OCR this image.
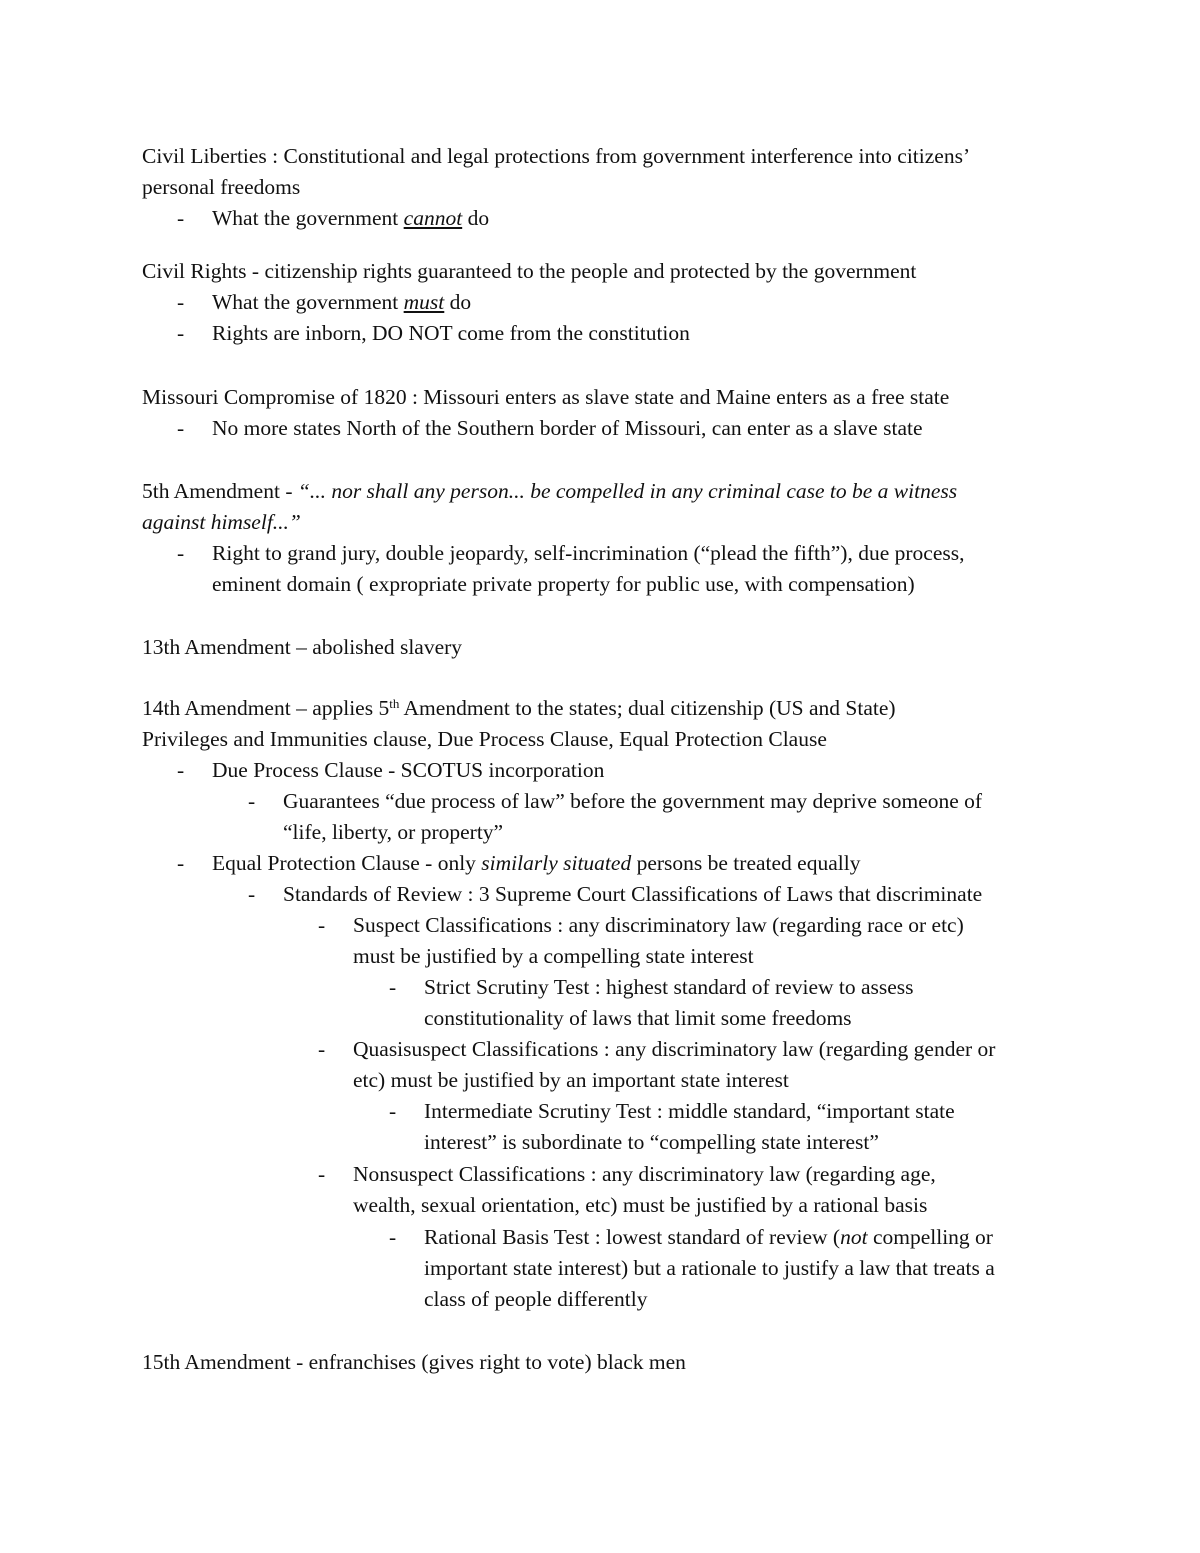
Civil Liberties : Constitutional and legal protections from government interference into citizens’
personal freedoms
- What the government cannot do
Civil Rights - citizenship rights guaranteed to the people and protected by the government
- What the government must do
- Rights are inborn, DO NOT come from the constitution
Missouri Compromise of 1820 : Missouri enters as slave state and Maine enters as a free state
- No more states North of the Southern border of Missouri, can enter as a slave state
5th Amendment - “... nor shall any person... be compelled in any criminal case to be a witness
against himself...”
- Right to grand jury, double jeopardy, self-incrimination (“plead the fifth”), due process,
eminent domain ( expropriate private property for public use, with compensation)
13th Amendment – abolished slavery
14th Amendment – applies 5th Amendment to the states; dual citizenship (US and State)
Privileges and Immunities clause, Due Process Clause, Equal Protection Clause
- Due Process Clause - SCOTUS incorporation
- Guarantees “due process of law” before the government may deprive someone of
“life, liberty, or property”
- Equal Protection Clause - only similarly situated persons be treated equally
- Standards of Review : 3 Supreme Court Classifications of Laws that discriminate
- Suspect Classifications : any discriminatory law (regarding race or etc)
must be justified by a compelling state interest
- Strict Scrutiny Test : highest standard of review to assess
constitutionality of laws that limit some freedoms
- Quasisuspect Classifications : any discriminatory law (regarding gender or
etc) must be justified by an important state interest
- Intermediate Scrutiny Test : middle standard, “important state
interest” is subordinate to “compelling state interest”
- Nonsuspect Classifications : any discriminatory law (regarding age,
wealth, sexual orientation, etc) must be justified by a rational basis
- Rational Basis Test : lowest standard of review (not compelling or
important state interest) but a rationale to justify a law that treats a
class of people differently
15th Amendment - enfranchises (gives right to vote) black men
